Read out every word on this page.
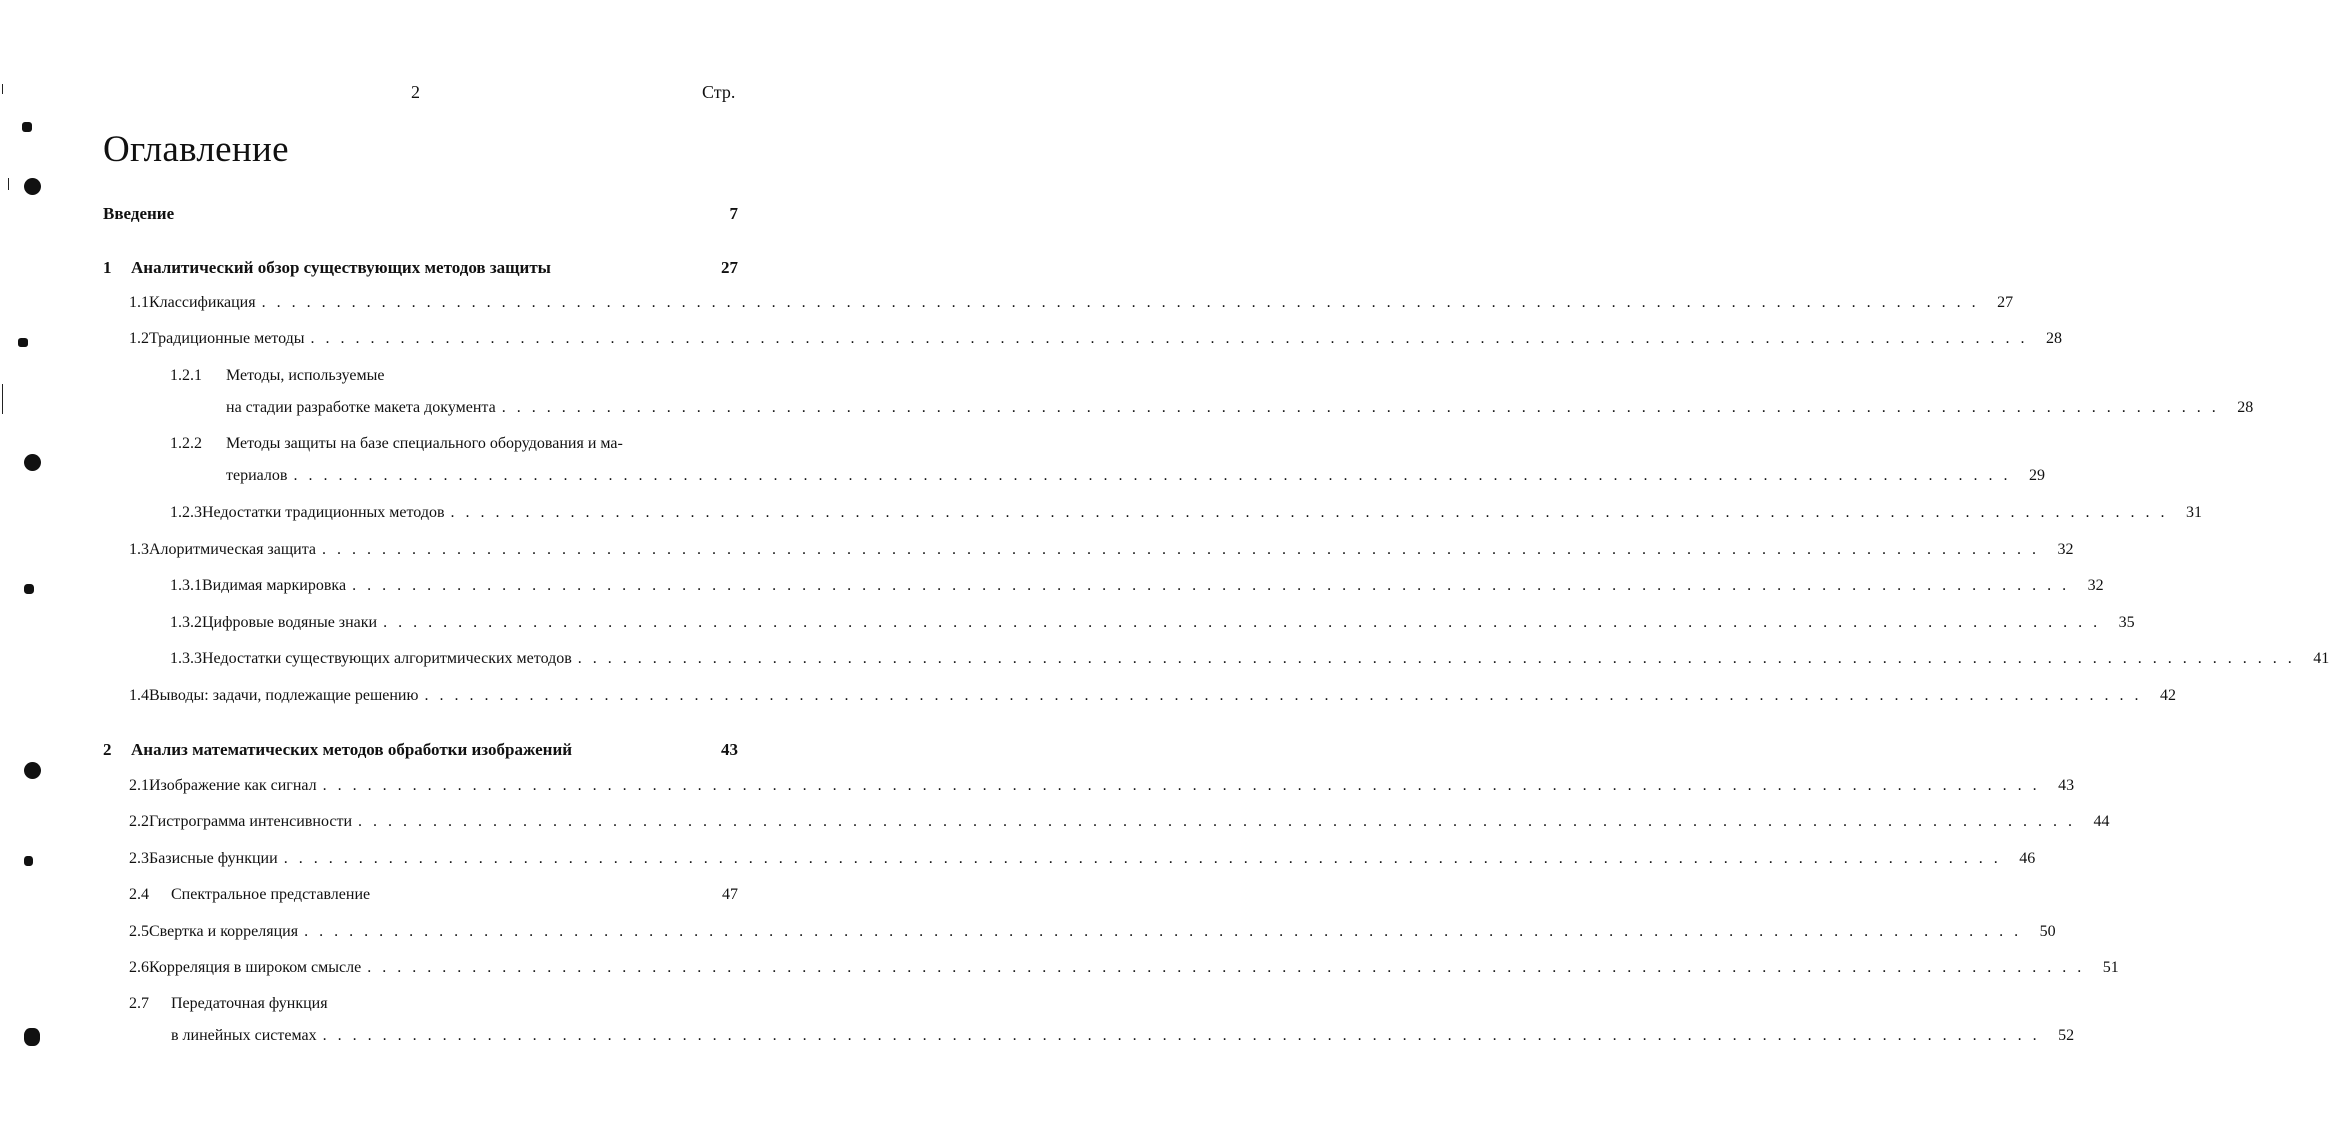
2	Стр.
Оглавление
Введение	7
1	Аналитический обзор существующих методов защиты	27
1.1 Классификация . . .	27
1.2 Традиционные методы . . .	28
1.2.1	Методы, используемые
на стадии разработке макета документа . . .	28
1.2.2	Методы защиты на базе специального оборудования и ма-
териалов . . .	29
1.2.3 Недостатки традиционных методов . . .	31
1.3 Алоритмическая защита . . .	32
1.3.1 Видимая маркировка . . .	32
1.3.2 Цифровые водяные знаки . . .	35
1.3.3 Недостатки существующих алгоритмических методов . . .	41
1.4 Выводы: задачи, подлежащие решению . . .	42
2	Анализ математических методов обработки изображений	43
2.1 Изображение как сигнал . . .	43
2.2 Гистрограмма интенсивности . . .	44
2.3 Базисные функции . . .	46
2.4	Спектральное представление	47
2.5 Свертка и корреляция . . .	50
2.6 Корреляция в широком смысле . . .	51
2.7	Передаточная функция
в линейных системах . . .	52
